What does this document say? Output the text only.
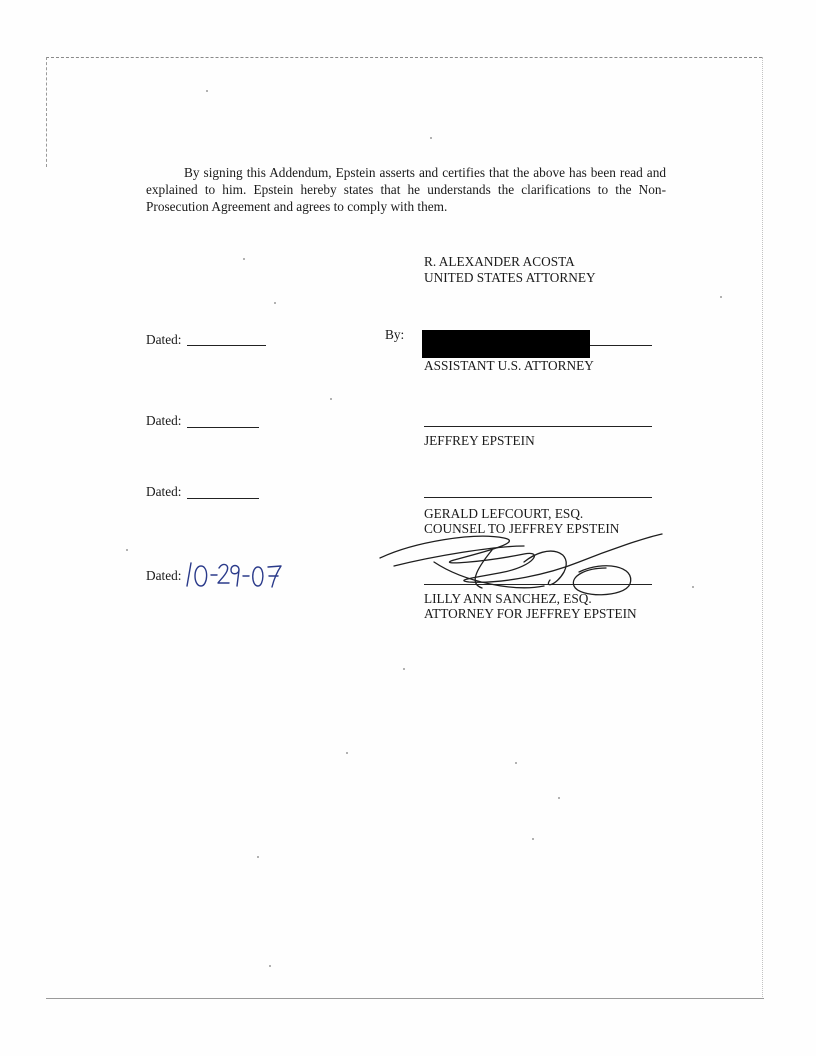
By signing this Addendum, Epstein asserts and certifies that the above has been read and explained to him. Epstein hereby states that he understands the clarifications to the Non-Prosecution Agreement and agrees to comply with them.

R. ALEXANDER ACOSTA
UNITED STATES ATTORNEY
Dated:	By:
ASSISTANT U.S. ATTORNEY
Dated:
JEFFREY EPSTEIN
Dated:
GERALD LEFCOURT, ESQ.
COUNSEL TO JEFFREY EPSTEIN
Dated:
LILLY ANN SANCHEZ, ESQ.
ATTORNEY FOR JEFFREY EPSTEIN
